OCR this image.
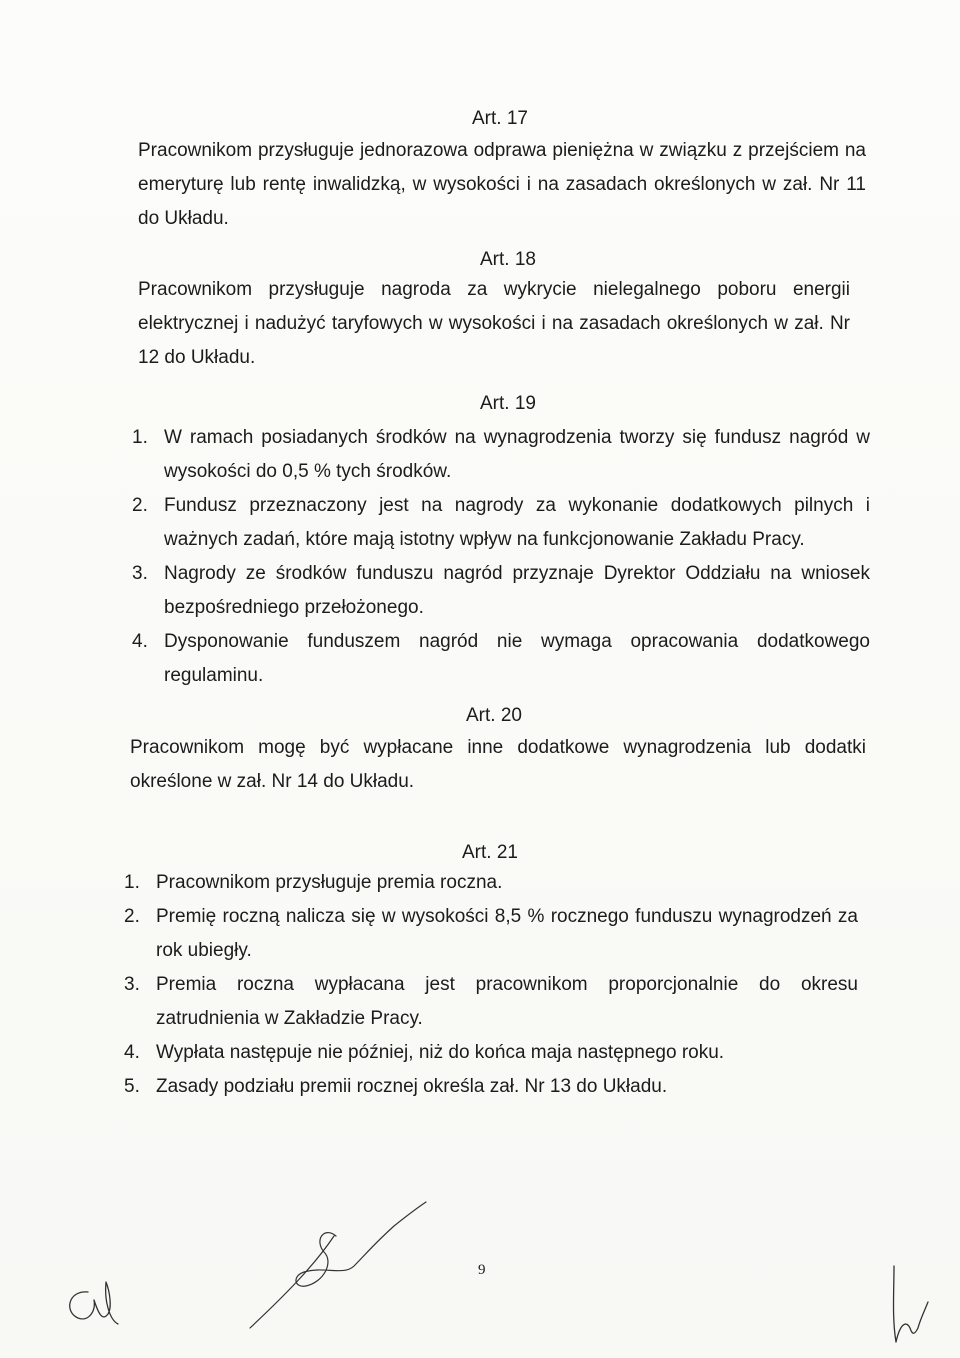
Art. 17
Pracownikom przysługuje jednorazowa odprawa pieniężna w związku z przejściem na emeryturę lub rentę inwalidzką, w wysokości i na zasadach określonych w zał. Nr 11 do Układu.
Art. 18
Pracownikom przysługuje nagroda za wykrycie nielegalnego poboru energii elektrycznej i nadużyć taryfowych w wysokości i na zasadach określonych w zał. Nr 12 do Układu.
Art. 19
1. W ramach posiadanych środków na wynagrodzenia tworzy się fundusz nagród w wysokości do 0,5 % tych środków.
2. Fundusz przeznaczony jest na nagrody za wykonanie dodatkowych pilnych i ważnych zadań, które mają istotny wpływ na funkcjonowanie Zakładu Pracy.
3. Nagrody ze środków funduszu nagród przyznaje Dyrektor Oddziału na wniosek bezpośredniego przełożonego.
4. Dysponowanie funduszem nagród nie wymaga opracowania dodatkowego regulaminu.
Art. 20
Pracownikom mogę być wypłacane inne dodatkowe wynagrodzenia lub dodatki określone w zał. Nr 14 do Układu.
Art. 21
1. Pracownikom przysługuje premia roczna.
2. Premię roczną nalicza się w wysokości 8,5 % rocznego funduszu wynagrodzeń za rok ubiegły.
3. Premia roczna wypłacana jest pracownikom proporcjonalnie do okresu zatrudnienia w Zakładzie Pracy.
4. Wypłata następuje nie później, niż do końca maja następnego roku.
5. Zasady podziału premii rocznej określa zał. Nr 13 do Układu.
9
